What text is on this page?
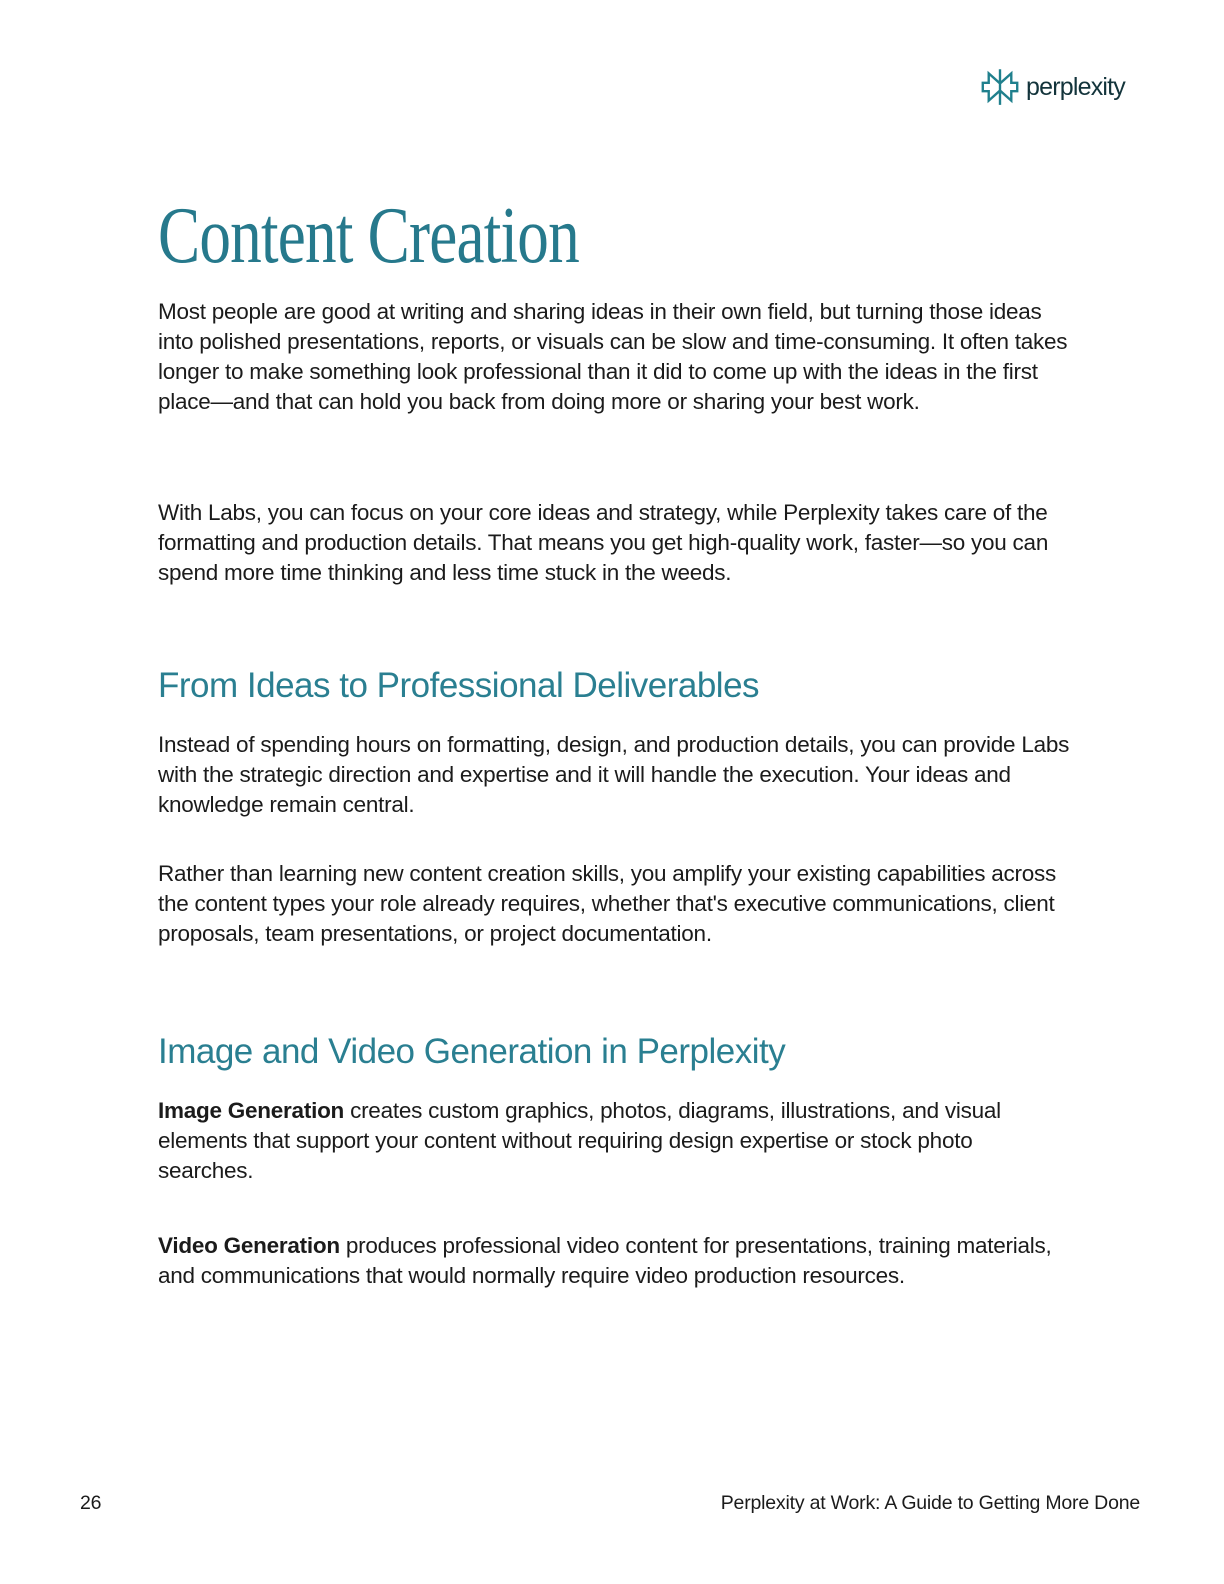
perplexity
Content Creation

Most people are good at writing and sharing ideas in their own field, but turning those ideas into polished presentations, reports, or visuals can be slow and time-consuming. It often takes longer to make something look professional than it did to come up with the ideas in the first place—and that can hold you back from doing more or sharing your best work.

With Labs, you can focus on your core ideas and strategy, while Perplexity takes care of the formatting and production details. That means you get high-quality work, faster—so you can spend more time thinking and less time stuck in the weeds.

From Ideas to Professional Deliverables

Instead of spending hours on formatting, design, and production details, you can provide Labs with the strategic direction and expertise and it will handle the execution. Your ideas and knowledge remain central.

Rather than learning new content creation skills, you amplify your existing capabilities across the content types your role already requires, whether that's executive communications, client proposals, team presentations, or project documentation.

Image and Video Generation in Perplexity

Image Generation creates custom graphics, photos, diagrams, illustrations, and visual elements that support your content without requiring design expertise or stock photo searches.

Video Generation produces professional video content for presentations, training materials, and communications that would normally require video production resources.

26	Perplexity at Work: A Guide to Getting More Done
